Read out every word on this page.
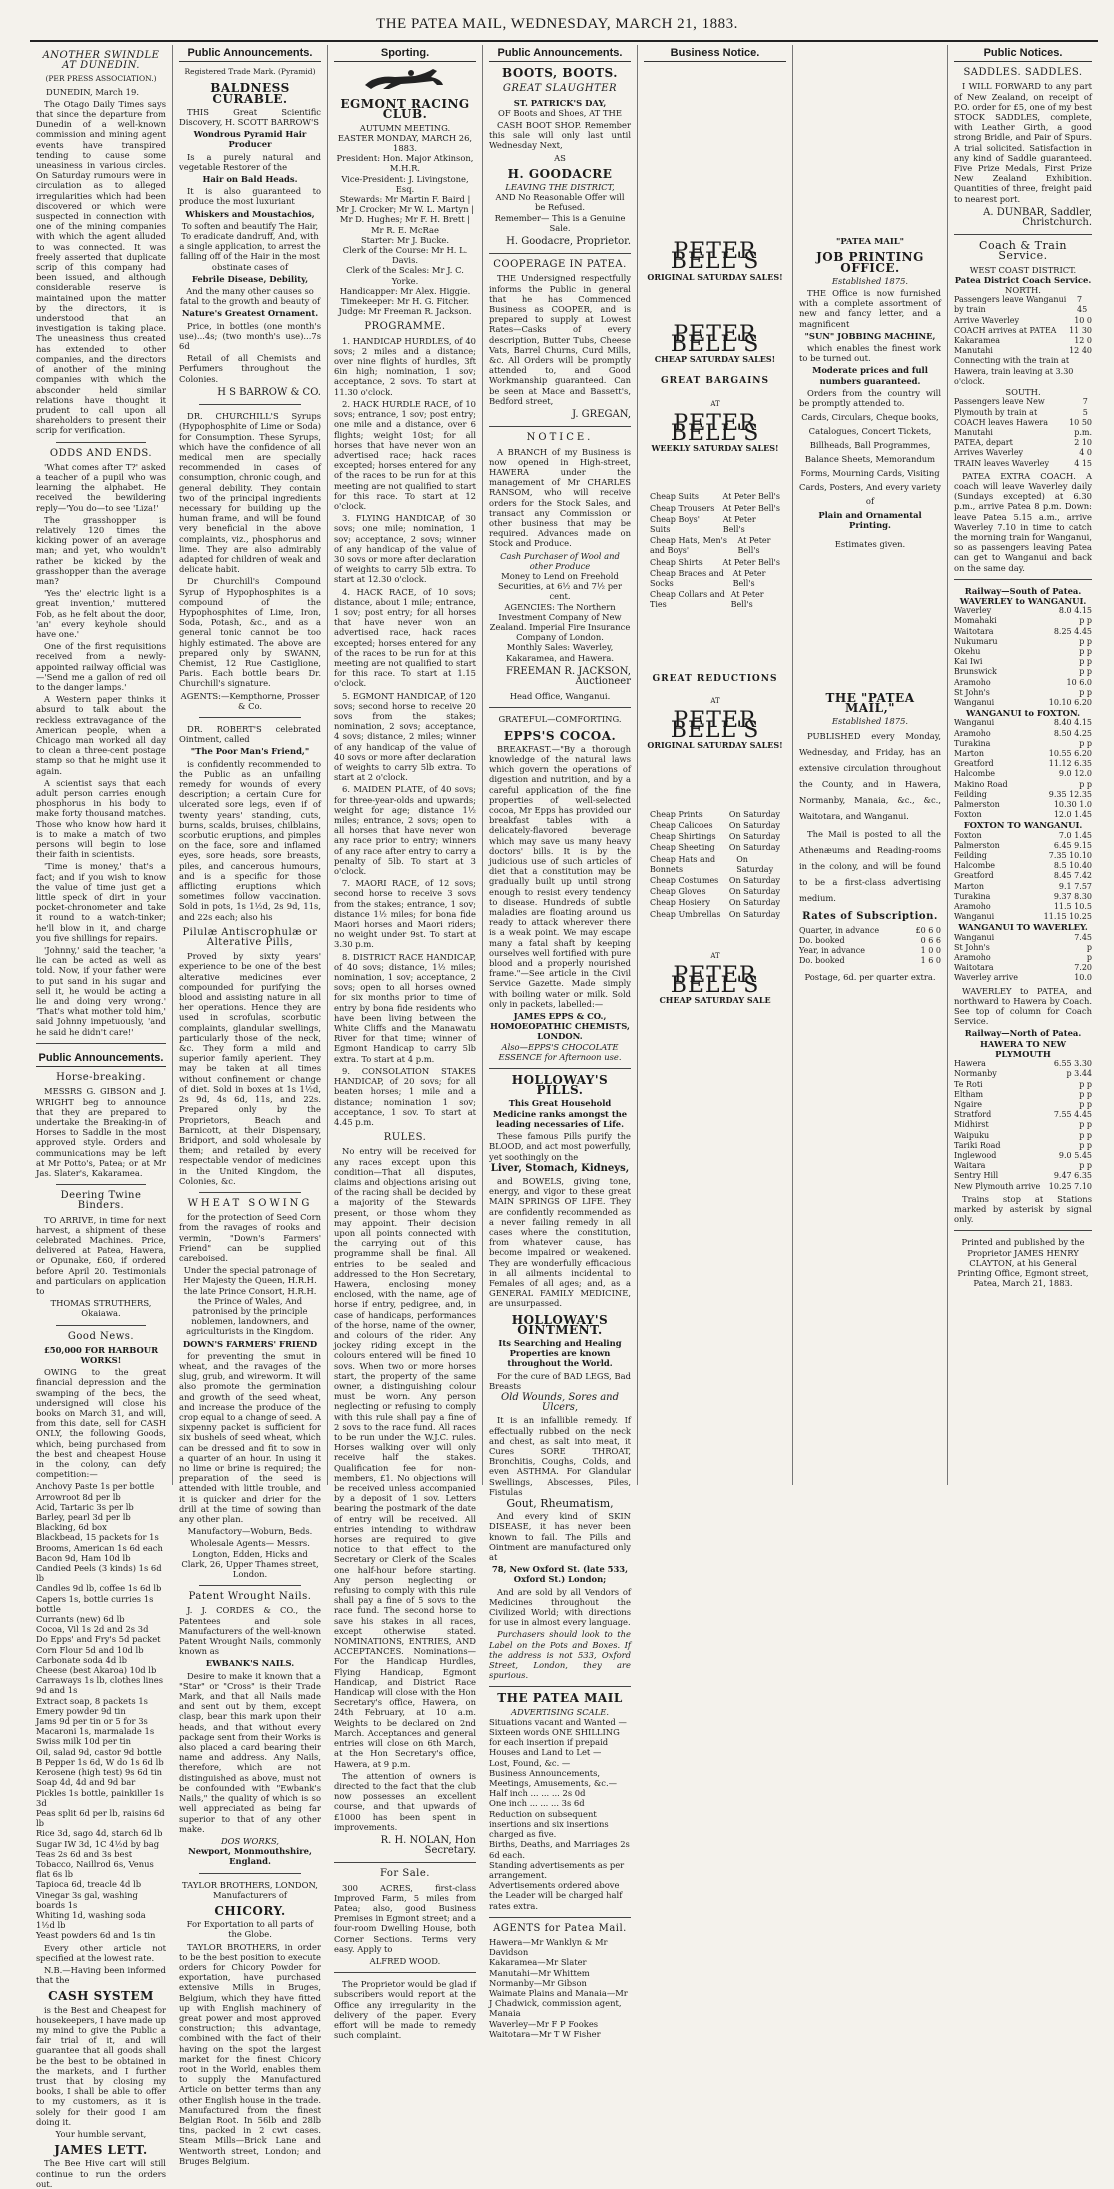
THE PATEA MAIL, WEDNESDAY, MARCH 21, 1883.
ANOTHER SWINDLE AT DUNEDIN.
(PER PRESS ASSOCIATION.)
DUNEDIN, March 19.

The Otago Daily Times says that since the departure from Dunedin of a well-known commission and mining agent events have transpired tending to cause some uneasiness in various circles. On Saturday rumours were in circulation as to alleged irregularities which had been discovered or which were suspected in connection with one of the mining companies with which the agent alluded to was connected. It was freely asserted that duplicate scrip of this company had been issued, and although considerable reserve is maintained upon the matter by the directors, it is understood that an investigation is taking place. The uneasiness thus created has extended to other companies, and the directors of another of the mining companies with which the absconder held similar relations have thought it prudent to call upon all shareholders to present their scrip for verification.

ODDS AND ENDS.

'What comes after T?' asked a teacher of a pupil who was learning the alphabet. He received the bewildering reply—'You do—to see 'Liza!'

The grasshopper is relatively 120 times the kicking power of an average man; and yet, who wouldn't rather be kicked by the grasshopper than the average man?

'Yes the' electric light is a great invention,' muttered Fob, as he felt about the door, 'an' every keyhole should have one.'

One of the first requisitions received from a newly-appointed railway official was—'Send me a gallon of red oil to the danger lamps.'

A Western paper thinks it absurd to talk about the reckless extravagance of the American people, when a Chicago man worked all day to clean a three-cent postage stamp so that he might use it again.

A scientist says that each adult person carries enough phosphorus in his body to make forty thousand matches. Those who know how hard it is to make a match of two persons will begin to lose their faith in scientists.

'Time is money,' that's a fact; and if you wish to know the value of time just get a little speck of dirt in your pocket-chronometer and take it round to a watch-tinker; he'll blow in it, and charge you five shillings for repairs.

'Johnny,' said the teacher, 'a lie can be acted as well as told. Now, if your father were to put sand in his sugar and sell it, he would be acting a lie and doing very wrong.' 'That's what mother told him,' said Johnny impetuously, 'and he said he didn't care!'

Public Announcements.
Horse-breaking.

MESSRS G. GIBSON and J. WRIGHT beg to announce that they are prepared to undertake the Breaking-in of Horses to Saddle in the most approved style. Orders and communications may be left at Mr Potto's, Patea; or at Mr Jas. Slater's, Kakaramea.

Deering Twine Binders.

TO ARRIVE, in time for next harvest, a shipment of these celebrated Machines. Price, delivered at Patea, Hawera, or Opunake, £60, if ordered before April 20. Testimonials and particulars on application to

THOMAS STRUTHERS, Okaiawa.
Good News.
£50,000 FOR HARBOUR WORKS!

OWING to the great financial depression and the swamping of the becs, the undersigned will close his books on March 31, and will, from this date, sell for CASH ONLY, the following Goods, which, being purchased from the best and cheapest House in the colony, can defy competition:—

Anchovy Paste 1s per bottle
Arrowroot 8d per lb
Acid, Tartaric 3s per lb
Barley, pearl 3d per lb
Blacking, 6d box
Blackbead, 15 packets for 1s
Brooms, American 1s 6d each
Bacon 9d, Ham 10d lb
Candied Peels (3 kinds) 1s 6d lb
Candles 9d lb, coffee 1s 6d lb
Capers 1s, bottle curries 1s bottle
Currants (new) 6d lb
Cocoa, Vil 1s 2d and 2s 3d
Do Epps' and Fry's 5d packet
Corn Flour 5d and 10d lb
Carbonate soda 4d lb
Cheese (best Akaroa) 10d lb
Carraways 1s lb, clothes lines 9d and 1s
Extract soap, 8 packets 1s
Emery powder 9d tin
Jams 9d per tin or 5 for 3s
Macaroni 1s, marmalade 1s
Swiss milk 10d per tin
Oil, salad 9d, castor 9d bottle
B Pepper 1s 6d, W do 1s 6d lb
Kerosene (high test) 9s 6d tin
Soap 4d, 4d and 9d bar
Pickles 1s bottle, painkiller 1s 3d
Peas split 6d per lb, raisins 6d lb
Rice 3d, sago 4d, starch 6d lb
Sugar IW 3d, 1C 4½d by bag
Teas 2s 6d and 3s best
Tobacco, Naillrod 6s, Venus flat 6s lb
Tapioca 6d, treacle 4d lb
Vinegar 3s gal, washing boards 1s
Whiting 1d, washing soda 1½d lb
Yeast powders 6d and 1s tin

Every other article not specified at the lowest rate.

N.B.—Having been informed that the

CASH SYSTEM

is the Best and Cheapest for housekeepers, I have made up my mind to give the Public a fair trial of it, and will guarantee that all goods shall be the best to be obtained in the markets, and I further trust that by closing my books, I shall be able to offer to my customers, as it is solely for their good I am doing it.

Your humble servant,
JAMES LETT.

The Bee Hive cart will still continue to run the orders out.

Public Announcements.
Registered Trade Mark. (Pyramid)
BALDNESS CURABLE.

THIS Great Scientific Discovery, H. SCOTT BARROW'S

Wondrous Pyramid Hair Producer

Is a purely natural and vegetable Restorer of the

Hair on Bald Heads.

It is also guaranteed to produce the most luxuriant

Whiskers and Moustachios,

To soften and beautify The Hair, To eradicate dandruff, And, with a single application, to arrest the falling off of the Hair in the most obstinate cases of

Febrile Disease, Debility,

And the many other causes so fatal to the growth and beauty of

Nature's Greatest Ornament.

Price, in bottles (one month's use)...4s; (two month's use)...7s 6d

Retail of all Chemists and Perfumers throughout the Colonies.

H S BARROW & CO.

DR. CHURCHILL'S Syrups (Hypophosphite of Lime or Soda) for Consumption. These Syrups, which have the confidence of all medical men are specially recommended in cases of consumption, chronic cough, and general debility. They contain two of the principal ingredients necessary for building up the human frame, and will be found very beneficial in the above complaints, viz., phosphorus and lime. They are also admirably adapted for children of weak and delicate habit.

Dr Churchill's Compound Syrup of Hypophosphites is a compound of the Hypophosphites of Lime, Iron, Soda, Potash, &c., and as a general tonic cannot be too highly estimated. The above are prepared only by SWANN, Chemist, 12 Rue Castiglione, Paris. Each bottle bears Dr. Churchill's signature.

AGENTS:—Kempthorne, Prosser & Co.

DR. ROBERT'S celebrated Ointment, called

"The Poor Man's Friend,"

is confidently recommended to the Public as an unfailing remedy for wounds of every description; a certain Cure for ulcerated sore legs, even if of twenty years' standing, cuts, burns, scalds, bruises, chilblains, scorbutic eruptions, and pimples on the face, sore and inflamed eyes, sore heads, sore breasts, piles, and cancerous humours, and is a specific for those afflicting eruptions which sometimes follow vaccination. Sold in pots, 1s 1½d, 2s 9d, 11s, and 22s each; also his

Pilulæ Antiscrophulæ or Alterative Pills,

Proved by sixty years' experience to be one of the best alterative medicines ever compounded for purifying the blood and assisting nature in all her operations. Hence they are used in scrofulas, scorbutic complaints, glandular swellings, particularly those of the neck, &c. They form a mild and superior family aperient. They may be taken at all times without confinement or change of diet. Sold in boxes at 1s 1½d, 2s 9d, 4s 6d, 11s, and 22s. Prepared only by the Proprietors, Beach and Barnicott, at their Dispensary, Bridport, and sold wholesale by them; and retailed by every respectable vendor of medicines in the United Kingdom, the Colonies, &c.

WHEAT SOWING

for the protection of Seed Corn from the ravages of rooks and vermin, "Down's Farmers' Friend" can be supplied careboised.

Under the special patronage of Her Majesty the Queen, H.R.H. the late Prince Consort, H.R.H. the Prince of Wales, And patronised by the principle noblemen, landowners, and agriculturists in the Kingdom.

DOWN'S FARMERS' FRIEND

for preventing the smut in wheat, and the ravages of the slug, grub, and wireworm. It will also promote the germination and growth of the seed wheat, and increase the produce of the crop equal to a change of seed. A sixpenny packet is sufficient for six bushels of seed wheat, which can be dressed and fit to sow in a quarter of an hour. In using it no lime or brine is required; the preparation of the seed is attended with little trouble, and it is quicker and drier for the drill at the time of sowing than any other plan.

Manufactory—Woburn, Beds.

Wholesale Agents— Messrs. Longton, Edden, Hicks and Clark, 26, Upper Thames street, London.

Patent Wrought Nails.

J. J. CORDES & CO., the Patentees and sole Manufacturers of the well-known Patent Wrought Nails, commonly known as

EWBANK'S NAILS.

Desire to make it known that a "Star" or "Cross" is their Trade Mark, and that all Nails made and sent out by them, except clasp, bear this mark upon their heads, and that without every package sent from their Works is also placed a card bearing their name and address. Any Nails, therefore, which are not distinguished as above, must not be confounded with "Ewbank's Nails," the quality of which is so well appreciated as being far superior to that of any other make.

DOS WORKS,
Newport, Monmouthshire, England.
TAYLOR BROTHERS, LONDON, Manufacturers of
CHICORY.
For Exportation to all parts of the Globe.

TAYLOR BROTHERS, in order to be the best position to execute orders for Chicory Powder for exportation, have purchased extensive Mills in Bruges, Belgium, which they have fitted up with English machinery of great power and most approved construction; this advantage, combined with the fact of their having on the spot the largest market for the finest Chicory root in the World, enables them to supply the Manufactured Article on better terms than any other English house in the trade. Manufactured from the finest Belgian Root. In 56lb and 28lb tins, packed in 2 cwt cases. Steam Mills—Brick Lane and Wentworth street, London; and Bruges Belgium.

Sporting.
EGMONT RACING CLUB.
AUTUMN MEETING.
EASTER MONDAY, MARCH 26, 1883.
President: Hon. Major Atkinson, M.H.R.
Vice-President: J. Livingstone, Esq.
Stewards: Mr Martin F. Baird | Mr J. Crocker; Mr W. L. Martyn | Mr D. Hughes; Mr F. H. Brett | Mr R. E. McRae
Starter: Mr J. Bucke.
Clerk of the Course: Mr H. L. Davis.
Clerk of the Scales: Mr J. C. Yorke.
Handicapper: Mr Alex. Higgie.
Timekeeper: Mr H. G. Fitcher.
Judge: Mr Freeman R. Jackson.
PROGRAMME.

1. HANDICAP HURDLES, of 40 sovs; 2 miles and a distance; over nine flights of hurdles, 3ft 6in high; nomination, 1 sov; acceptance, 2 sovs. To start at 11.30 o'clock.

2. HACK HURDLE RACE, of 10 sovs; entrance, 1 sov; post entry; one mile and a distance, over 6 flights; weight 10st; for all horses that have never won an advertised race; hack races excepted; horses entered for any of the races to be run for at this meeting are not qualified to start for this race. To start at 12 o'clock.

3. FLYING HANDICAP, of 30 sovs; one mile; nomination, 1 sov; acceptance, 2 sovs; winner of any handicap of the value of 30 sovs or more after declaration of weights to carry 5lb extra. To start at 12.30 o'clock.

4. HACK RACE, of 10 sovs; distance, about 1 mile; entrance, 1 sov; post entry; for all horses that have never won an advertised race, hack races excepted; horses entered for any of the races to be run for at this meeting are not qualified to start for this race. To start at 1.15 o'clock.

5. EGMONT HANDICAP, of 120 sovs; second horse to receive 20 sovs from the stakes; nomination, 2 sovs; acceptance, 4 sovs; distance, 2 miles; winner of any handicap of the value of 40 sovs or more after declaration of weights to carry 5lb extra. To start at 2 o'clock.

6. MAIDEN PLATE, of 40 sovs; for three-year-olds and upwards; weight for age; distance 1½ miles; entrance, 2 sovs; open to all horses that have never won any race prior to entry; winners of any race after entry to carry a penalty of 5lb. To start at 3 o'clock.

7. MAORI RACE, of 12 sovs; second horse to receive 3 sovs from the stakes; entrance, 1 sov; distance 1½ miles; for bona fide Maori horses and Maori riders; no weight under 9st. To start at 3.30 p.m.

8. DISTRICT RACE HANDICAP, of 40 sovs; distance, 1½ miles; nomination, 1 sov; acceptance, 2 sovs; open to all horses owned for six months prior to time of entry by bona fide residents who have been living between the White Cliffs and the Manawatu River for that time; winner of Egmont Handicap to carry 5lb extra. To start at 4 p.m.

9. CONSOLATION STAKES HANDICAP, of 20 sovs; for all beaten horses; 1 mile and a distance; nomination 1 sov; acceptance, 1 sov. To start at 4.45 p.m.

RULES.

No entry will be received for any races except upon this condition—That all disputes, claims and objections arising out of the racing shall be decided by a majority of the Stewards present, or those whom they may appoint. Their decision upon all points connected with the carrying out of this programme shall be final. All entries to be sealed and addressed to the Hon Secretary, Hawera, enclosing money enclosed, with the name, age of horse if entry, pedigree, and, in case of handicaps, performances of the horse, name of the owner, and colours of the rider. Any jockey riding except in the colours entered will be fined 10 sovs. When two or more horses start, the property of the same owner, a distinguishing colour must be worn. Any person neglecting or refusing to comply with this rule shall pay a fine of 2 sovs to the race fund. All races to be run under the W.J.C. rules. Horses walking over will only receive half the stakes. Qualification fee for non-members, £1. No objections will be received unless accompanied by a deposit of 1 sov. Letters bearing the postmark of the date of entry will be received. All entries intending to withdraw horses are required to give notice to that effect to the Secretary or Clerk of the Scales one half-hour before starting. Any person neglecting or refusing to comply with this rule shall pay a fine of 5 sovs to the race fund. The second horse to save his stakes in all races, except otherwise stated. NOMINATIONS, ENTRIES, AND ACCEPTANCES. Nominations—For the Handicap Hurdles, Flying Handicap, Egmont Handicap, and District Race Handicap will close with the Hon Secretary's office, Hawera, on 24th February, at 10 a.m. Weights to be declared on 2nd March. Acceptances and general entries will close on 6th March, at the Hon Secretary's office, Hawera, at 9 p.m.

The attention of owners is directed to the fact that the club now possesses an excellent course, and that upwards of £1000 has been spent in improvements.

R. H. NOLAN, Hon Secretary.
For Sale.

300 ACRES, first-class Improved Farm, 5 miles from Patea; also, good Business Premises in Egmont street; and a four-room Dwelling House, both Corner Sections. Terms very easy. Apply to

ALFRED WOOD.

The Proprietor would be glad if subscribers would report at the Office any irregularity in the delivery of the paper. Every effort will be made to remedy such complaint.

Public Announcements.
BOOTS, BOOTS.
GREAT SLAUGHTER
ST. PATRICK'S DAY,
OF Boots and Shoes, AT THE

CASH BOOT SHOP. Remember this sale will only last until Wednesday Next,

AS
H. GOODACRE
LEAVING THE DISTRICT,
AND No Reasonable Offer will be Refused.
Remember— This is a Genuine Sale.
H. Goodacre, Proprietor.
COOPERAGE IN PATEA.

THE Undersigned respectfully informs the Public in general that he has Commenced Business as COOPER, and is prepared to supply at Lowest Rates—Casks of every description, Butter Tubs, Cheese Vats, Barrel Churns, Curd Mills, &c. All Orders will be promptly attended to, and Good Workmanship guaranteed. Can be seen at Mace and Bassett's, Bedford street,

J. GREGAN,
NOTICE.

A BRANCH of my Business is now opened in High-street, HAWERA under the management of Mr CHARLES RANSOM, who will receive orders for the Stock Sales, and transact any Commission or other business that may be required. Advances made on Stock and Produce.

Cash Purchaser of Wool and other Produce
Money to Lend on Freehold Securities, at 6½ and 7½ per cent.
AGENCIES: The Northern Investment Company of New Zealand. Imperial Fire Insurance Company of London.
Monthly Sales: Waverley, Kakaramea, and Hawera.
FREEMAN R. JACKSON, Auctioneer
Head Office, Wanganui.
GRATEFUL—COMFORTING.
EPPS'S COCOA.

BREAKFAST.—"By a thorough knowledge of the natural laws which govern the operations of digestion and nutrition, and by a careful application of the fine properties of well-selected cocoa, Mr Epps has provided our breakfast tables with a delicately-flavored beverage which may save us many heavy doctors' bills. It is by the judicious use of such articles of diet that a constitution may be gradually built up until strong enough to resist every tendency to disease. Hundreds of subtle maladies are floating around us ready to attack wherever there is a weak point. We may escape many a fatal shaft by keeping ourselves well fortified with pure blood and a properly nourished frame."—See article in the Civil Service Gazette. Made simply with boiling water or milk. Sold only in packets, labelled:—

JAMES EPPS & CO., HOMOEOPATHIC CHEMISTS, LONDON.
Also—EPPS'S CHOCOLATE ESSENCE for Afternoon use.
HOLLOWAY'S PILLS.
This Great Household Medicine ranks amongst the leading necessaries of Life.

These famous Pills purify the BLOOD, and act most powerfully, yet soothingly on the

Liver, Stomach, Kidneys,

and BOWELS, giving tone, energy, and vigor to these great MAIN SPRINGS OF LIFE. They are confidently recommended as a never failing remedy in all cases where the constitution, from whatever cause, has become impaired or weakened. They are wonderfully efficacious in all ailments incidental to Females of all ages; and, as a GENERAL FAMILY MEDICINE, are unsurpassed.

HOLLOWAY'S OINTMENT.
Its Searching and Healing Properties are known throughout the World.

For the cure of BAD LEGS, Bad Breasts

Old Wounds, Sores and Ulcers,

It is an infallible remedy. If effectually rubbed on the neck and chest, as salt into meat, it Cures SORE THROAT, Bronchitis, Coughs, Colds, and even ASTHMA. For Glandular Swellings, Abscesses, Piles, Fistulas

Gout, Rheumatism,

And every kind of SKIN DISEASE, it has never been known to fail. The Pills and Ointment are manufactured only at

78, New Oxford St. (late 533, Oxford St.) London;

And are sold by all Vendors of Medicines throughout the Civilized World; with directions for use in almost every language.

Purchasers should look to the Label on the Pots and Boxes. If the address is not 533, Oxford Street, London, they are spurious.

THE PATEA MAIL
ADVERTISING SCALE.
Situations vacant and Wanted — Sixteen words ONE SHILLING for each insertion if prepaid
Houses and Land to Let —
Lost, Found, &c. —
Business Announcements, Meetings, Amusements, &c.—
Half inch ... ... ... 2s 0d
One inch ... ... ... 3s 6d
Reduction on subsequent insertions and six insertions charged as five.
Births, Deaths, and Marriages 2s 6d each.
Standing advertisements as per arrangement.
Advertisements ordered above the Leader will be charged half rates extra.
AGENTS for Patea Mail.
Hawera—Mr Wanklyn & Mr Davidson
Kakaramea—Mr Slater
Manutahi—Mr Whittem
Normanby—Mr Gibson
Waimate Plains and Manaia—Mr J Chadwick, commission agent, Manaia
Waverley—Mr F P Fookes
Waitotara—Mr T W Fisher
Business Notice.
PETER BELL'S
ORIGINAL SATURDAY SALES!
PETER BELL'S
CHEAP SATURDAY SALES!
GREAT BARGAINS
AT
PETER BELL'S
WEEKLY SATURDAY SALES!
Cheap Suits	At Peter Bell's
Cheap Trousers At Peter Bell's
Cheap Boys' Suits
At Peter Bell's
Cheap Hats, Men's and Boys'
At Peter Bell's
Cheap Shirts At Peter Bell's
Cheap Braces and Socks
At Peter Bell's
Cheap Collars and Ties
At Peter Bell's
GREAT REDUCTIONS
AT
PETER BELL'S
ORIGINAL SATURDAY SALES!
Cheap Prints	On Saturday
Cheap Calicoes On Saturday
Cheap Shirtings On Saturday
Cheap Sheeting On Saturday
Cheap Hats and Bonnets
On Saturday
Cheap Costumes On Saturday
Cheap Gloves	On Saturday
Cheap Hosiery On Saturday
Cheap Umbrellas On Saturday
AT
PETER BELL'S
CHEAP SATURDAY SALE

"PATEA MAIL"
JOB PRINTING OFFICE.
Established 1875.

THE Office is now furnished with a complete assortment of new and fancy letter, and a magnificent

"SUN" JOBBING MACHINE,

which enables the finest work to be turned out.

Moderate prices and full numbers guaranteed.

Orders from the country will be promptly attended to.

Cards, Circulars, Cheque books, Catalogues, Concert Tickets, Billheads, Ball Programmes, Balance Sheets, Memorandum Forms, Mourning Cards, Visiting Cards, Posters, And every variety of

Plain and Ornamental Printing.
Estimates given.
THE "PATEA MAIL,"
Established 1875.

PUBLISHED every Monday, Wednesday, and Friday, has an extensive circulation throughout the County, and in Hawera, Normanby, Manaia, &c., &c., Waitotara, and Wanganui.

The Mail is posted to all the Athenæums and Reading-rooms in the colony, and will be found to be a first-class advertising medium.

Rates of Subscription.
Quarter, in advance	£0 6 0
Do. booked	0 6 6
Year, in advance	1 0 0
Do. booked	1 6 0
Postage, 6d. per quarter extra.
Public Notices.
SADDLES. SADDLES.

I WILL FORWARD to any part of New Zealand, on receipt of P.O. order for £5, one of my best STOCK SADDLES, complete, with Leather Girth, a good strong Bridle, and Pair of Spurs. A trial solicited. Satisfaction in any kind of Saddle guaranteed. Five Prize Medals, First Prize New Zealand Exhibition. Quantities of three, freight paid to nearest port.

A. DUNBAR, Saddler, Christchurch.
Coach & Train Service.
WEST COAST DISTRICT.
Patea District Coach Service.
NORTH.
Passengers leave Wanganui by train
7 45
Arrive Waverley	10 0
COACH arrives at PATEA 11 30
Kakaramea	12 0
Manutahi	12 40
Connecting with the train at Hawera, train leaving at 3.30 o'clock.
SOUTH.
Passengers leave New Plymouth by train at
7 5
COACH leaves Hawera	10 50
Manutahi	p.m.
PATEA, depart	2 10
Arrives Waverley	4 0
TRAIN leaves Waverley	4 15

PATEA EXTRA COACH. A coach will leave Waverley daily (Sundays excepted) at 6.30 p.m., arrive Patea 8 p.m. Down: leave Patea 5.15 a.m., arrive Waverley 7.10 in time to catch the morning train for Wanganui, so as passengers leaving Patea can get to Wanganui and back on the same day.

Railway—South of Patea.
WAVERLEY to WANGANUI.
Waverley	8.0 4.15
Momahaki	p p
Waitotara	8.25 4.45
Nukumaru	p p
Okehu	p p
Kai Iwi	p p
Brunswick	p p
Aramoho	10 6.0
St John's	p p
Wanganui	10.10 6.20
WANGANUI to FOXTON.
Wanganui	8.40 4.15
Aramoho	8.50 4.25
Turakina	p p
Marton	10.55 6.20
Greatford	11.12 6.35
Halcombe	9.0 12.0
Makino Road	p p
Feilding	9.35 12.35
Palmerston	10.30 1.0
Foxton	12.0 1.45
FOXTON TO WANGANUI.
Foxton	7.0 1.45
Palmerston	6.45 9.15
Feilding	7.35 10.10
Halcombe	8.5 10.40
Greatford	8.45 7.42
Marton	9.1 7.57
Turakina	9.37 8.30
Aramoho	11.5 10.5
Wanganui	11.15 10.25
WANGANUI TO WAVERLEY.
Wanganui	7.45
St John's	p
Aramoho	p
Waitotara	7.20
Waverley arrive	10.0

WAVERLEY to PATEA, and northward to Hawera by Coach. See top of column for Coach Service.

Railway—North of Patea.
HAWERA TO NEW PLYMOUTH
Hawera	6.55 3.30
Normanby	p 3.44
Te Roti	p p
Eltham	p p
Ngaire	p p
Stratford	7.55 4.45
Midhirst	p p
Waipuku	p p
Tariki Road	p p
Inglewood	9.0 5.45
Waitara	p p
Sentry Hill	9.47 6.35
New Plymouth arrive 10.25 7.10

Trains stop at Stations marked by asterisk by signal only.

Printed and published by the Proprietor JAMES HENRY CLAYTON, at his General Printing Office, Egmont street, Patea, March 21, 1883.
